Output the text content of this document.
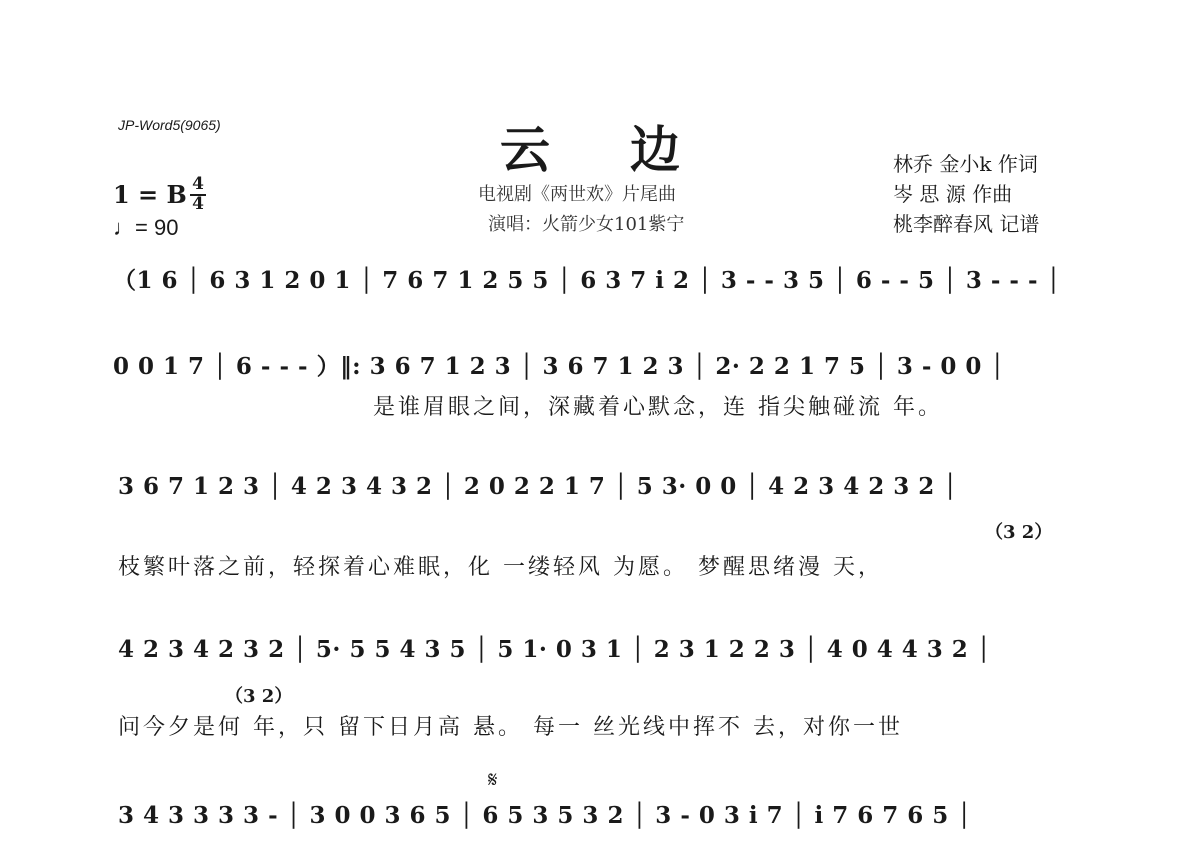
JP-Word5(9065)	云边
电视剧《两世欢》片尾曲
演唱：火箭少女101紫宁
林乔 金小k 作词
岑 思 源 作曲
桃李醉春风 记谱
1 = B $\frac{4}{4}$
♩= 90
（1 6 │ 6 3 1 2 0 1 │ 7 6 7 1 2 5 5 │ 6 3 7 i 2 │ 3 - - 3 5 │ 6 - - 5 │ 3 - - - │
0 0 1 7 │ 6 - - - ）‖: 3 6 7 1 2 3 │ 3 6 7 1 2 3 │ 2· 2 2 1 7 5 │ 3 - 0 0 │
是谁眉眼之间，深藏着心默念，连 指尖触碰流 年。
3 6 7 1 2 3 │ 4 2 3 4 3 2 │ 2 0 2 2 1 7 │ 5 3· 0 0 │ 4 2 3 4 2 3 2 │
（3 2）
枝繁叶落之前，轻探着心难眠，化 一缕轻风 为愿。 梦醒思绪漫 天，
4 2 3 4 2 3 2 │ 5· 5 5 4 3 5 │ 5 1· 0 3 1 │ 2 3 1 2 2 3 │ 4 0 4 4 3 2 │
（3 2）
问今夕是何 年，只 留下日月高 悬。 每一 丝光线中挥不 去，对你一世
𝄋
3 4 3 3 3 3 - │ 3 0 0 3 6 5 │ 6 5 3 5 3 2 │ 3 - 0 3 i 7 │ i 7 6 7 6 5 │
